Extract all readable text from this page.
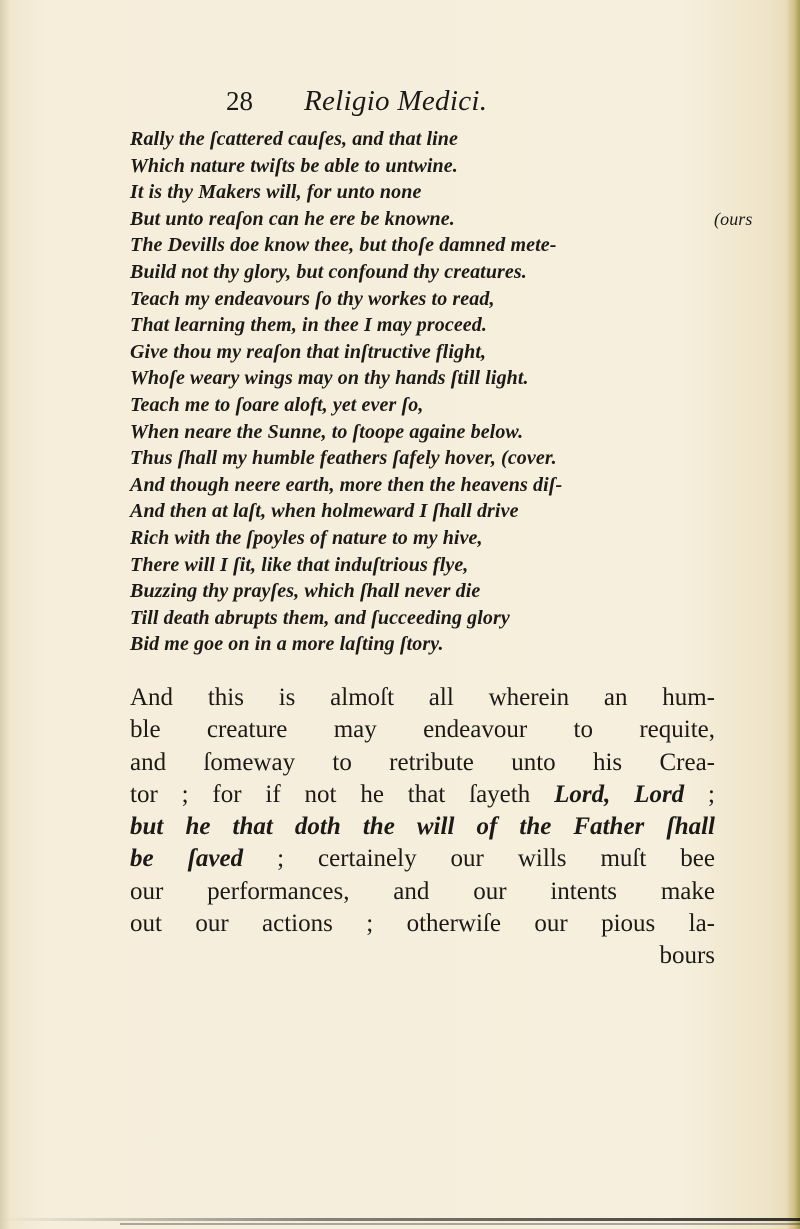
28 Religio Medici.
Rally the ſcattered cauſes, and that line
Which nature twiſts be able to untwine.
It is thy Makers will, for unto none
But unto reaſon can he ere be knowne.	(ours
The Devills doe know thee, but thoſe damned mete-
Build not thy glory, but confound thy creatures.
Teach my endeavours ſo thy workes to read,
That learning them, in thee I may proceed.
Give thou my reaſon that inſtructive flight,
Whoſe weary wings may on thy hands ſtill light.
Teach me to ſoare aloft, yet ever ſo,
When neare the Sunne, to ſtoope againe below.
Thus ſhall my humble feathers ſafely hover, (cover.
And though neere earth, more then the heavens diſ-
And then at laſt, when holmeward I ſhall drive
Rich with the ſpoyles of nature to my hive,
There will I ſit, like that induſtrious flye,
Buzzing thy prayſes, which ſhall never die
Till death abrupts them, and ſucceeding glory
Bid me goe on in a more laſting ſtory.
And this is almoſt all wherein an hum-
ble creature may endeavour to requite,
and ſomeway to retribute unto his Crea-
tor ; for if not he that ſayeth Lord, Lord ;
but he that doth the will of the Father ſhall
be ſaved ; certainely our wills muſt bee
our performances, and our intents make
out our actions ; otherwiſe our pious la-
bours
